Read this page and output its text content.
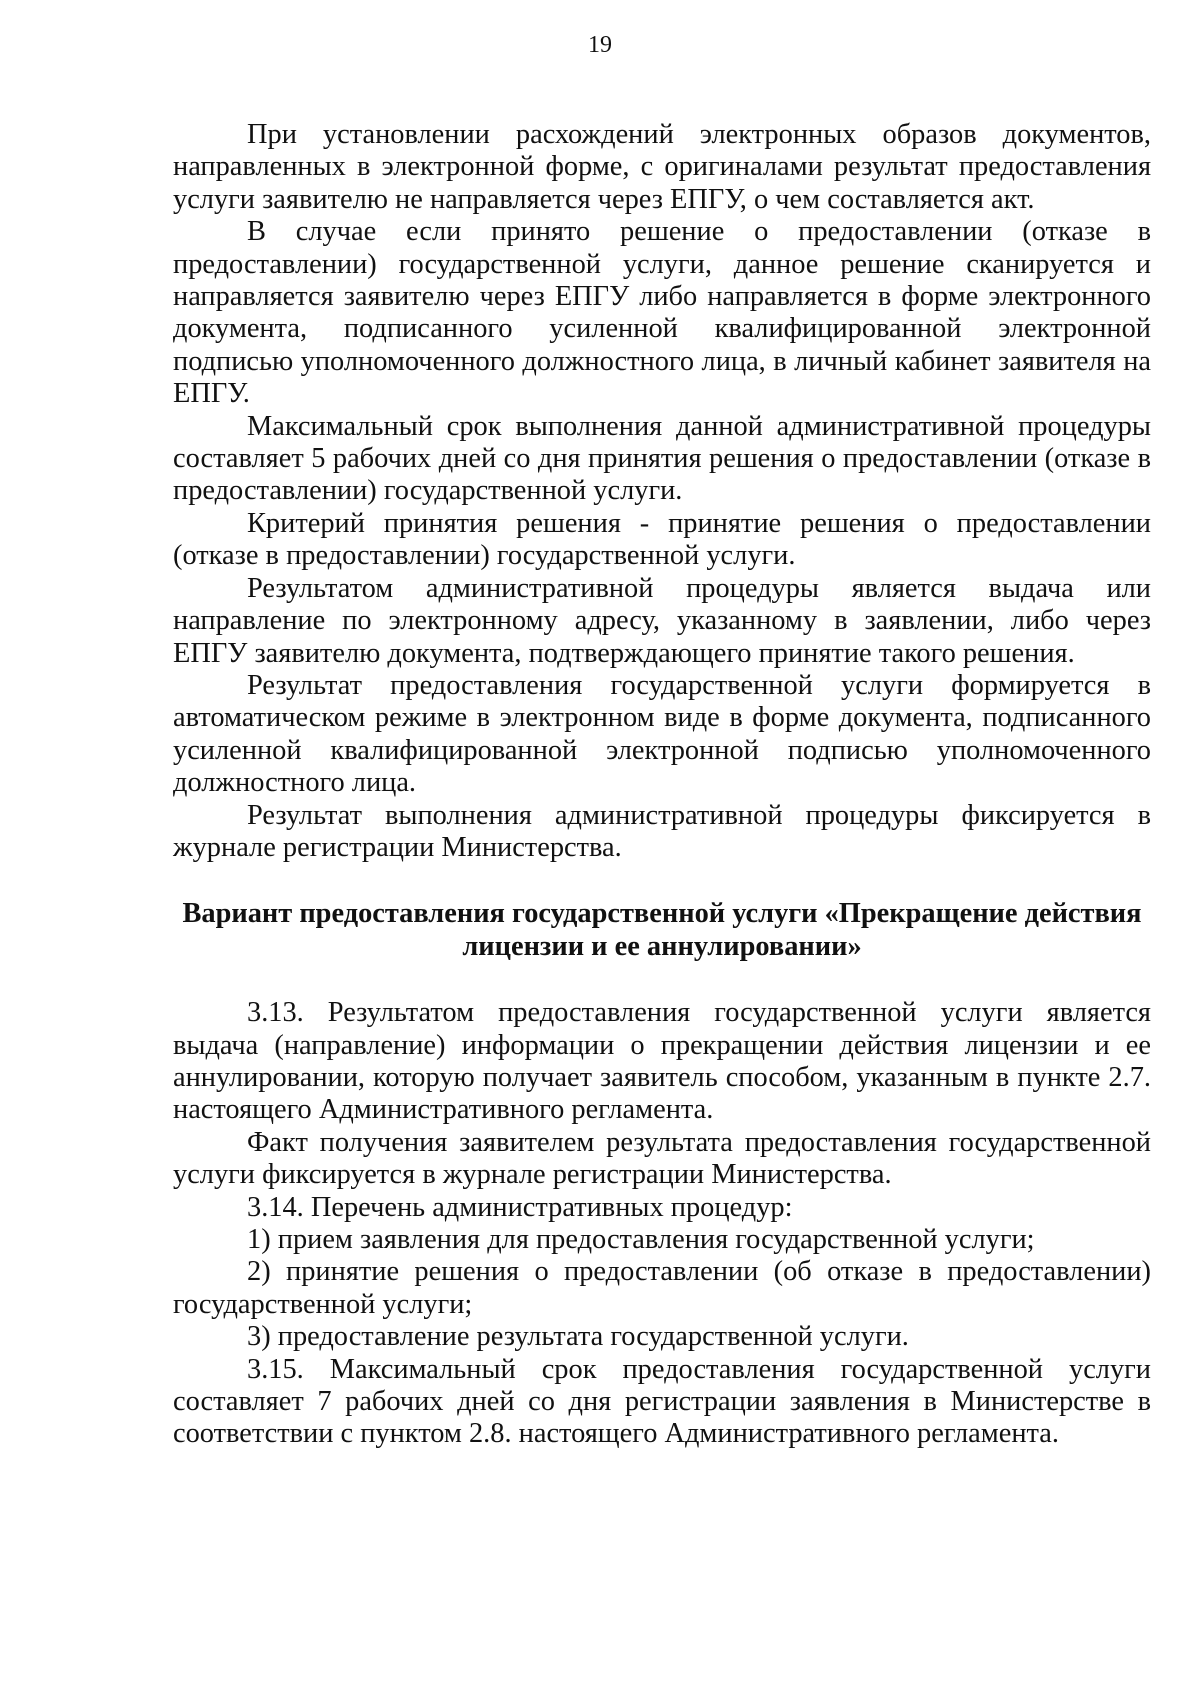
19

При установлении расхождений электронных образов документов, направленных в электронной форме, с оригиналами результат предоставления услуги заявителю не направляется через ЕПГУ, о чем составляется акт.

В случае если принято решение о предоставлении (отказе в предоставлении) государственной услуги, данное решение сканируется и направляется заявителю через ЕПГУ либо направляется в форме электронного документа, подписанного усиленной квалифицированной электронной подписью уполномоченного должностного лица, в личный кабинет заявителя на ЕПГУ.

Максимальный срок выполнения данной административной процедуры составляет 5 рабочих дней со дня принятия решения о предоставлении (отказе в предоставлении) государственной услуги.

Критерий принятия решения - принятие решения о предоставлении (отказе в предоставлении) государственной услуги.

Результатом административной процедуры является выдача или направление по электронному адресу, указанному в заявлении, либо через ЕПГУ заявителю документа, подтверждающего принятие такого решения.

Результат предоставления государственной услуги формируется в автоматическом режиме в электронном виде в форме документа, подписанного усиленной квалифицированной электронной подписью уполномоченного должностного лица.

Результат выполнения административной процедуры фиксируется в журнале регистрации Министерства.

Вариант предоставления государственной услуги «Прекращение действия лицензии и ее аннулировании»

3.13. Результатом предоставления государственной услуги является выдача (направление) информации о прекращении действия лицензии и ее аннулировании, которую получает заявитель способом, указанным в пункте 2.7. настоящего Административного регламента.

Факт получения заявителем результата предоставления государственной услуги фиксируется в журнале регистрации Министерства.

3.14. Перечень административных процедур:

1) прием заявления для предоставления государственной услуги;

2) принятие решения о предоставлении (об отказе в предоставлении) государственной услуги;

3) предоставление результата государственной услуги.

3.15. Максимальный срок предоставления государственной услуги составляет 7 рабочих дней со дня регистрации заявления в Министерстве в соответствии с пунктом 2.8. настоящего Административного регламента.
